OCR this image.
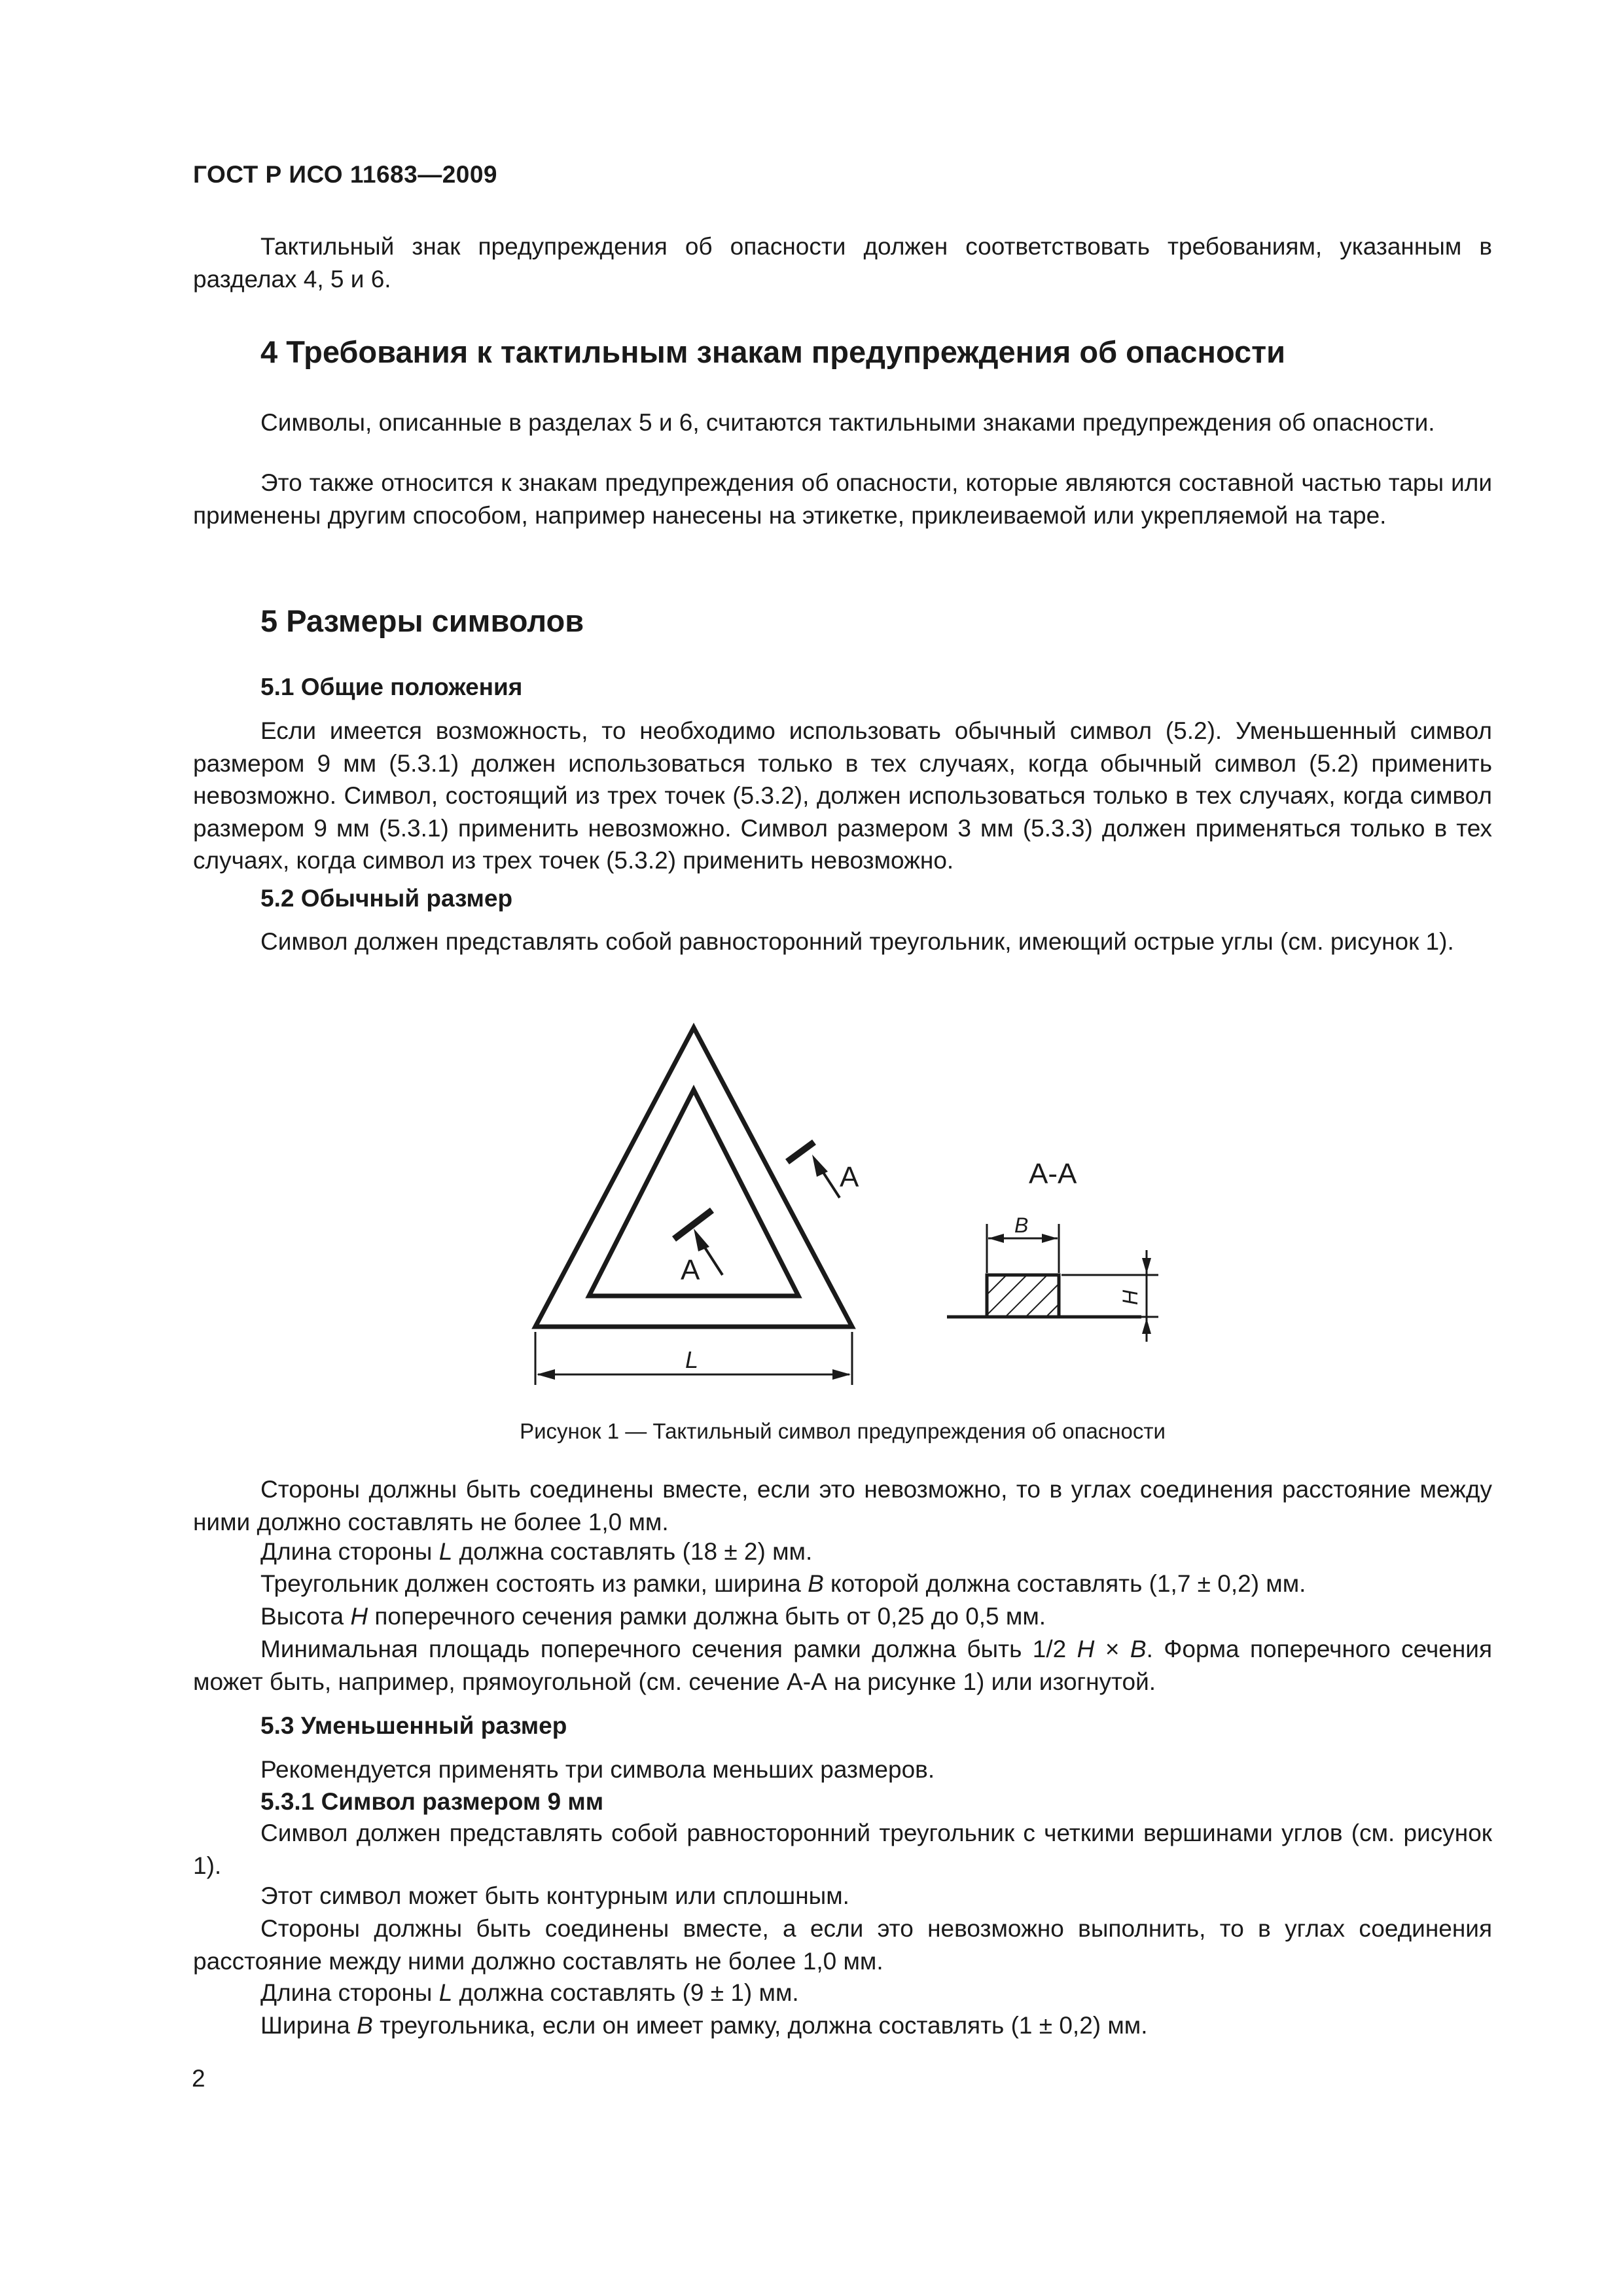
ГОСТ Р ИСО 11683—2009

Тактильный знак предупреждения об опасности должен соответствовать требованиям, указанным в разделах 4, 5 и 6.

4 Требования к тактильным знакам предупреждения об опасности

Символы, описанные в разделах 5 и 6, считаются тактильными знаками предупреждения об опасности.

Это также относится к знакам предупреждения об опасности, которые являются составной частью тары или применены другим способом, например нанесены на этикетке, приклеиваемой или укрепляемой на таре.

5 Размеры символов
5.1 Общие положения

Если имеется возможность, то необходимо использовать обычный символ (5.2). Уменьшенный символ размером 9 мм (5.3.1) должен использоваться только в тех случаях, когда обычный символ (5.2) применить невозможно. Символ, состоящий из трех точек (5.3.2), должен использоваться только в тех случаях, когда символ размером 9 мм (5.3.1) применить невозможно. Символ размером 3 мм (5.3.3) должен применяться только в тех случаях, когда символ из трех точек (5.3.2) применить невозможно.

5.2 Обычный размер

Символ должен представлять собой равносторонний треугольник, имеющий острые углы (см. рисунок 1).

A
A
L
А-А
B
H
Рисунок 1 — Тактильный символ предупреждения об опасности

Стороны должны быть соединены вместе, если это невозможно, то в углах соединения расстояние между ними должно составлять не более 1,0 мм.

Длина стороны L должна составлять (18 ± 2) мм.

Треугольник должен состоять из рамки, ширина B которой должна составлять (1,7 ± 0,2) мм.

Высота H поперечного сечения рамки должна быть от 0,25 до 0,5 мм.

Минимальная площадь поперечного сечения рамки должна быть 1/2 H × B. Форма поперечного сечения может быть, например, прямоугольной (см. сечение А-А на рисунке 1) или изогнутой.

5.3 Уменьшенный размер

Рекомендуется применять три символа меньших размеров.

5.3.1 Символ размером 9 мм

Символ должен представлять собой равносторонний треугольник с четкими вершинами углов (см. рисунок 1).

Этот символ может быть контурным или сплошным.

Стороны должны быть соединены вместе, а если это невозможно выполнить, то в углах соединения расстояние между ними должно составлять не более 1,0 мм.

Длина стороны L должна составлять (9 ± 1) мм.

Ширина B треугольника, если он имеет рамку, должна составлять (1 ± 0,2) мм.

2
